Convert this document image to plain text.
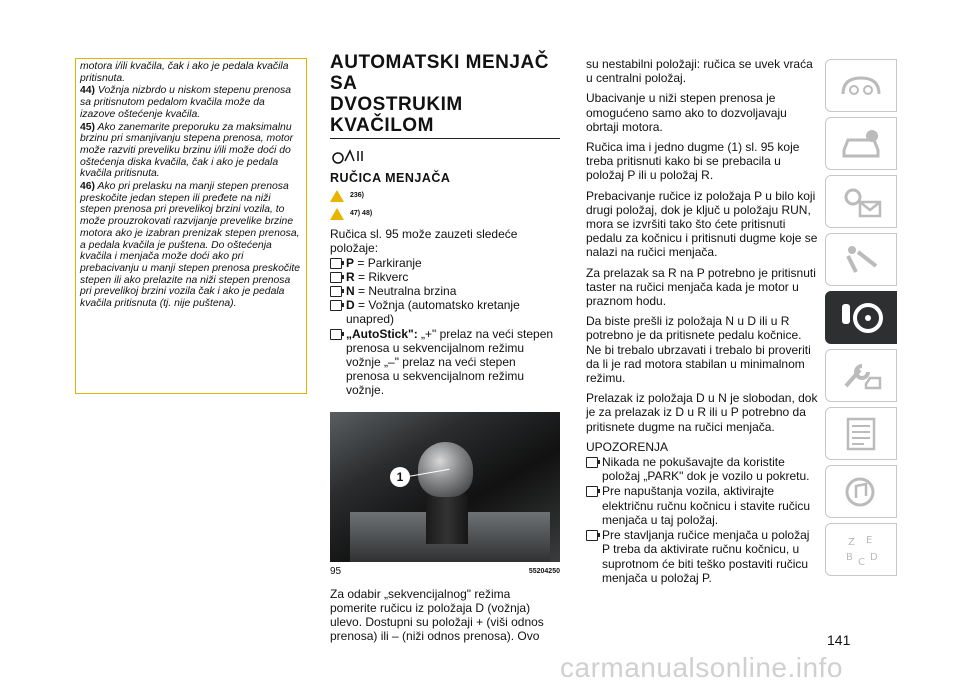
motora i/ili kvačila, čak i ako je pedala kvačila pritisnuta.

44) Vožnja nizbrdo u niskom stepenu prenosa sa pritisnutom pedalom kvačila može da izazove oštećenje kvačila.

45) Ako zanemarite preporuku za maksimalnu brzinu pri smanjivanju stepena prenosa, motor može razviti preveliku brzinu i/ili može doći do oštećenja diska kvačila, čak i ako je pedala kvačila pritisnuta.

46) Ako pri prelasku na manji stepen prenosa preskočite jedan stepen ili pređete na niži stepen prenosa pri prevelikoj brzini vozila, to može prouzrokovati razvijanje prevelike brzine motora ako je izabran prenizak stepen prenosa, a pedala kvačila je puštena. Do oštećenja kvačila i menjača može doći ako pri prebacivanju u manji stepen prenosa preskočite stepen ili ako prelazite na niži stepen prenosa pri prevelikoj brzini vozila čak i ako je pedala kvačila pritisnuta (tj. nije puštena).

AUTOMATSKI MENJAČ SA
DVOSTRUKIM KVAČILOM
RUČICA MENJAČA
236)
47) 48)

Ručica sl. 95 može zauzeti sledeće položaje:

P = Parkiranje

R = Rikverc

N = Neutralna brzina

D = Vožnja (automatsko kretanje unapred)

„AutoStick": „+" prelaz na veći stepen prenosa u sekvencijalnom režimu vožnje „–" prelaz na veći stepen prenosa u sekvencijalnom režimu vožnje.

1
95	55204250

Za odabir „sekvencijalnog" režima pomerite ručicu iz položaja D (vožnja) ulevo. Dostupni su položaji + (viši odnos prenosa) ili – (niži odnos prenosa). Ovo

su nestabilni položaji: ručica se uvek vraća u centralni položaj.

Ubacivanje u niži stepen prenosa je omogućeno samo ako to dozvoljavaju obrtaji motora.

Ručica ima i jedno dugme (1) sl. 95 koje treba pritisnuti kako bi se prebacila u položaj P ili u položaj R.

Prebacivanje ručice iz položaja P u bilo koji drugi položaj, dok je ključ u položaju RUN, mora se izvršiti tako što ćete pritisnuti pedalu za kočnicu i pritisnuti dugme koje se nalazi na ručici menjača.

Za prelazak sa R na P potrebno je pritisnuti taster na ručici menjača kada je motor u praznom hodu.

Da biste prešli iz položaja N u D ili u R potrebno je da pritisnete pedalu kočnice. Ne bi trebalo ubrzavati i trebalo bi proveriti da li je rad motora stabilan u minimalnom režimu.

Prelazak iz položaja D u N je slobodan, dok je za prelazak iz D u R ili u P potrebno da pritisnete dugme na ručici menjača.

UPOZORENJA

Nikada ne pokušavajte da koristite položaj „PARK" dok je vozilo u pokretu.

Pre napuštanja vozila, aktivirajte električnu ručnu kočnicu i stavite ručicu menjača u taj položaj.

Pre stavljanja ručice menjača u položaj P treba da aktivirate ručnu kočnicu, u suprotnom će biti teško postaviti ručicu menjača u položaj P.

Z E
B C D
141
carmanualsonline.info
